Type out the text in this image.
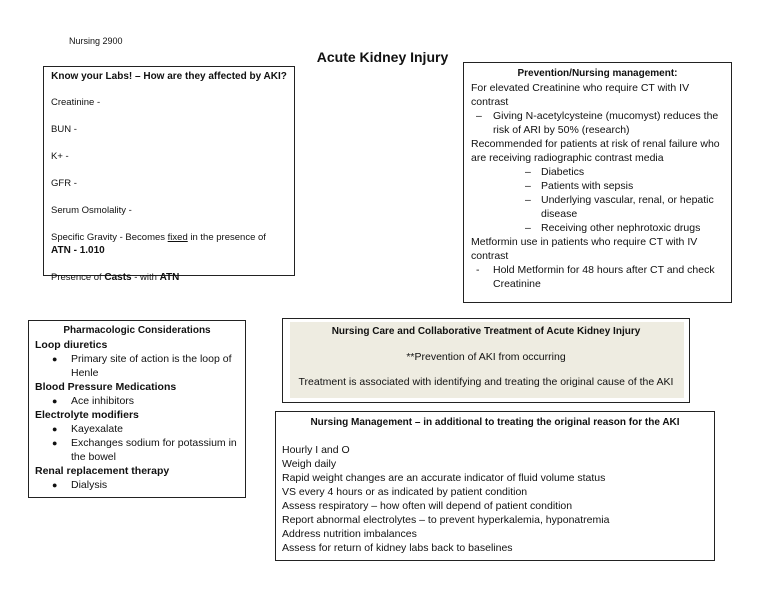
Nursing 2900
Acute Kidney Injury
Know your Labs! – How are they affected by AKI?
Creatinine -
BUN -
K+ -
GFR -
Serum Osmolality -
Specific Gravity - Becomes fixed in the presence of
ATN - 1.010
Presence of Casts - with ATN
Prevention/Nursing management:
For elevated Creatinine who require CT with IV contrast
– Giving N-acetylcysteine (mucomyst) reduces the risk of ARI by 50% (research)
Recommended for patients at risk of renal failure who are receiving radiographic contrast media
– Diabetics
– Patients with sepsis
– Underlying vascular, renal, or hepatic disease
– Receiving other nephrotoxic drugs
Metformin use in patients who require CT with IV contrast
- Hold Metformin for 48 hours after CT and check Creatinine
Pharmacologic Considerations
Loop diuretics
● Primary site of action is the loop of Henle
Blood Pressure Medications
● Ace inhibitors
Electrolyte modifiers
● Kayexalate
● Exchanges sodium for potassium in the bowel
Renal replacement therapy
● Dialysis
Nursing Care and Collaborative Treatment of Acute Kidney Injury
**Prevention of AKI from occurring
Treatment is associated with identifying and treating the original cause of the AKI
Nursing Management – in additional to treating the original reason for the AKI
Hourly I and O
Weigh daily
Rapid weight changes are an accurate indicator of fluid volume status
VS every 4 hours or as indicated by patient condition
Assess respiratory – how often will depend of patient condition
Report abnormal electrolytes – to prevent hyperkalemia, hyponatremia
Address nutrition imbalances
Assess for return of kidney labs back to baselines
